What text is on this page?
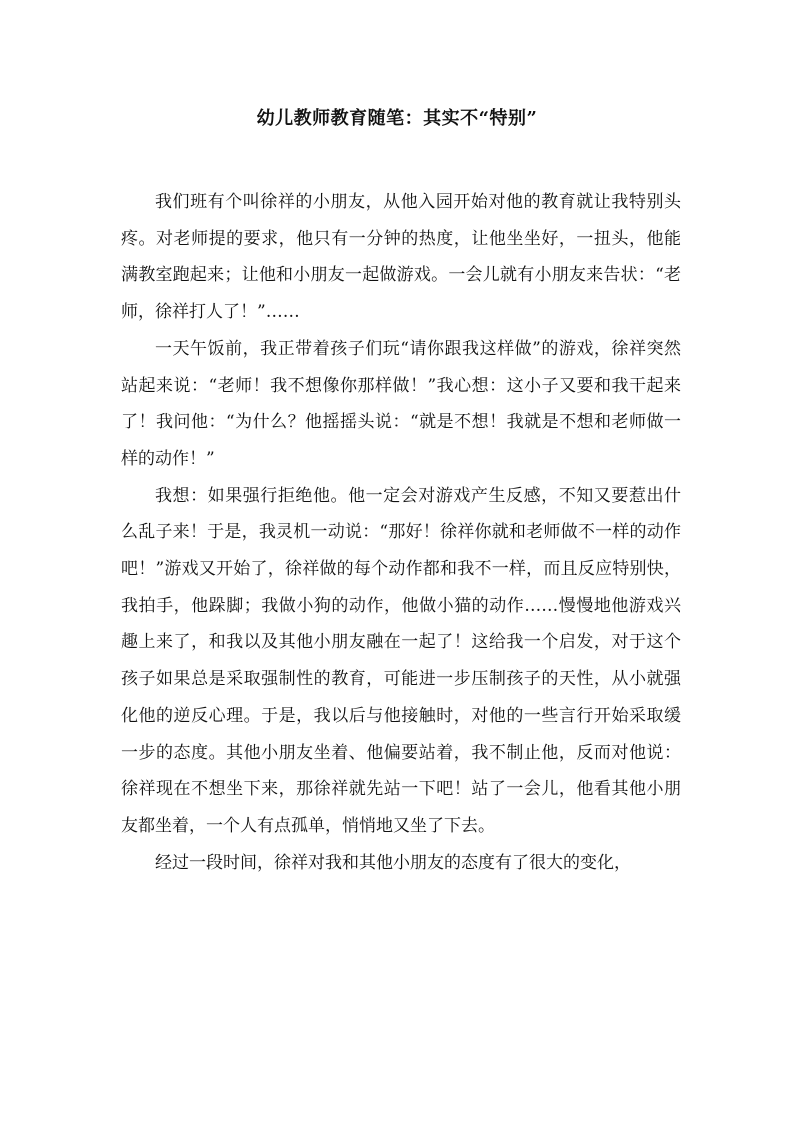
幼儿教师教育随笔：其实不“特别”

我们班有个叫徐祥的小朋友，从他入园开始对他的教育就让我特别头疼。对老师提的要求，他只有一分钟的热度，让他坐坐好，一扭头，他能满教室跑起来；让他和小朋友一起做游戏。一会儿就有小朋友来告状：“老师，徐祥打人了！”……

一天午饭前，我正带着孩子们玩“请你跟我这样做”的游戏，徐祥突然站起来说：“老师！我不想像你那样做！”我心想：这小子又要和我干起来了！我问他：“为什么？他摇摇头说：“就是不想！我就是不想和老师做一样的动作！”

我想：如果强行拒绝他。他一定会对游戏产生反感，不知又要惹出什么乱子来！于是，我灵机一动说：“那好！徐祥你就和老师做不一样的动作吧！”游戏又开始了，徐祥做的每个动作都和我不一样，而且反应特别快，我拍手，他跺脚；我做小狗的动作，他做小猫的动作……慢慢地他游戏兴趣上来了，和我以及其他小朋友融在一起了！这给我一个启发，对于这个孩子如果总是采取强制性的教育，可能进一步压制孩子的天性，从小就强化他的逆反心理。于是，我以后与他接触时，对他的一些言行开始采取缓一步的态度。其他小朋友坐着、他偏要站着，我不制止他，反而对他说：徐祥现在不想坐下来，那徐祥就先站一下吧！站了一会儿，他看其他小朋友都坐着，一个人有点孤单，悄悄地又坐了下去。

经过一段时间，徐祥对我和其他小朋友的态度有了很大的变化，
